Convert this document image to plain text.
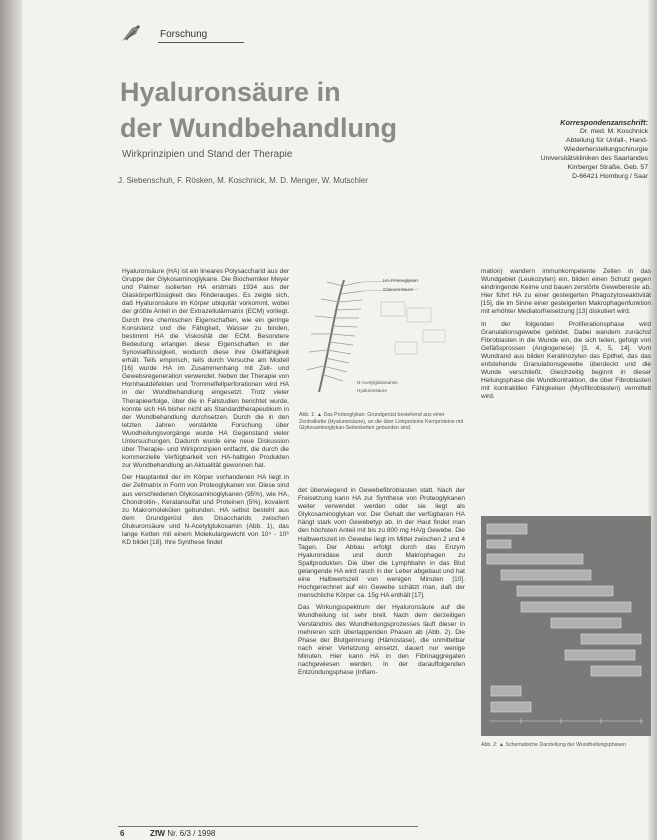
Forschung
Hyaluronsäure in
der Wundbehandlung
Wirkprinzipien und Stand der Therapie
J. Siebenschuh, F. Rösken, M. Koschnick, M. D. Menger, W. Mutschler
Korrespondenzanschrift:
Dr. med. M. Koschnick
Abteilung für Unfall-, Hand-
Wiederherstellungschirurgie
Universitätskliniken des Saarlandes
Kirrberger Straße, Geb. 57
D-66421 Homburg / Saar

Hyaluronsäure (HA) ist ein lineares Polysaccharid aus der Gruppe der Glykosaminoglykane. Die Biochemiker Meyer und Palmer isolierten HA erstmals 1934 aus der Glaskörperflüssigkeit des Rinderauges. Es zeigte sich, daß Hyaluronsäure im Körper ubiquitär vorkommt, wobei der größte Anteil in der Extrazellulärmatrix (ECM) vorliegt. Durch ihre chemischen Eigenschaften, wie ein geringe Konsistenz und die Fähigkeit, Wasser zu binden, bestimmt HA die Viskosität der ECM. Besondere Bedeutung erlangen diese Eigenschaften in der Synovialflüssigkeit, wodurch diese ihre Gleitfähigkeit erhält. Teils empirisch, teils durch Versuche am Modell [16] wurde HA im Zusammenhang mit Zell- und Gewebsregeneration verwendet. Neben der Therapie von Hornhautdefekten und Trommelfellperforationen wird HA in der Wundbehandlung eingesetzt. Trotz vieler Therapieerfolge, über die in Fallstudien berichtet wurde, konnte sich HA bisher nicht als Standardtherapeutikum in der Wundbehandlung durchsetzen. Durch die in den letzten Jahren verstärkte Forschung über Wundheilungsvorgänge wurde HA Gegenstand vieler Untersuchungen. Dadurch wurde eine neue Diskussion über Therapie- und Wirkprinzipien entfacht, die durch die kommerzielle Verfügbarkeit von HA-haltigen Produkten zur Wundbehandlung an Aktualität gewonnen hat.

Der Hauptanteil der im Körper vorhandenen HA liegt in der Zellmatrix in Form von Proteoglykanen vor. Diese sind aus verschiedenen Glykosaminoglykanen (95%), wie HA, Chondroitin-, Keratansulfat und Proteinen (5%), kovalent zu Makromolekülen gebunden. HA selbst besteht aus dem Grundgerüst des Disaccharids zwischen Glukuronsäure und N-Acetylglukosamin (Abb. 1), das lange Ketten mit einem Molekulargewicht von 10⁵ - 10⁶ KD bildet [18]. Ihre Synthese findet

HA-Proteoglykan
Glukuronsäure
N-Acetylglukosamin
Hyaluronsäure
Abb. 1: ▲ Das Proteoglykan: Grundgerüst bestehend aus einer Zentralkette (Hyaluronsäure), an die über Linkproteine Kernproteine mit Glykosaminoglykan-Seitenketten gebunden sind.

det überwiegend in Gewebefibroblasten statt. Nach der Freisetzung kann HA zur Synthese von Proteoglykanen weiter verwendet werden oder sie liegt als Glykosaminoglykan vor. Der Gehalt der verfügbaren HA hängt stark vom Gewebetyp ab. In der Haut findet man den höchsten Anteil mit bis zu 800 mg HA/g Gewebe. Die Halbwertszeit im Gewebe liegt im Mittel zwischen 2 und 4 Tagen. Der Abbau erfolgt durch das Enzym Hyaluronidase und durch Makrophagen zu Spaltprodukten. Die über die Lymphbahn in das Blut gelangende HA wird rasch in der Leber abgebaut und hat eine Halbwertszeit von wenigen Minuten [10]. Hochgerechnet auf ein Gewebe schätzt man, daß der menschliche Körper ca. 15g HA enthält [17].

Das Wirkungsspektrum der Hyaluronsäure auf die Wundheilung ist sehr breit. Nach dem derzeitigen Verständnis des Wundheilungsprozesses läuft dieser in mehreren sich überlappenden Phasen ab (Abb. 2). Die Phase der Blutgerinnung (Hämostase), die unmittelbar nach einer Verletzung einsetzt, dauert nur wenige Minuten. Hier kann HA in den Fibrinaggregaten nachgewiesen werden. In der darauffolgenden Entzündungsphase (Inflam-

mation) wandern immunkompetente Zellen in das Wundgebiet (Leukozyten) ein, bilden einen Schutz gegen eindringende Keime und bauen zerstörte Gewebereste ab. Hier führt HA zu einer gesteigerten Phagozytoseaktivität [15], die im Sinne einer gesteigerten Makrophagenfunktion mit erhöhter Mediatorfreisetzung [13] diskutiert wird.

In der folgenden Proliferationsphase wird Granulationsgewebe gebildet. Dabei wandern zunächst Fibroblasten in die Wunde ein, die sich teilen, gefolgt von Gefäßsprossen (Angiogenese) [3, 4, 5, 14]. Vom Wundrand aus bilden Keratinozyten das Epithel, das das entstehende Granulationsgewebe überdeckt und die Wunde verschließt. Gleichzeitig beginnt in dieser Heilungsphase die Wundkontraktion, die über Fibroblasten mit kontraktilen Fähigkeiten (Myofibroblasten) vermittelt wird.

Abb. 2: ▲ Schematische Darstellung der Wundheilungsphasen
6	ZfW Nr. 6/3 / 1998
